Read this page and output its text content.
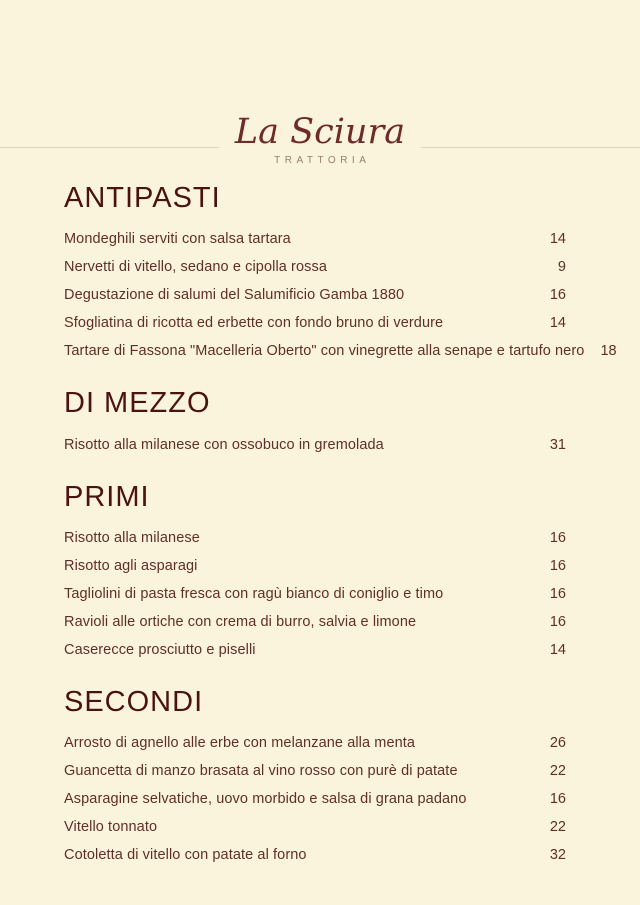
La Sciura
TRATTORIA
ANTIPASTI
Mondeghili serviti con salsa tartara	14
Nervetti di vitello, sedano e cipolla rossa	9
Degustazione di salumi del Salumificio Gamba 1880	16
Sfogliatina di ricotta ed erbette con fondo bruno di verdure	14
Tartare di Fassona "Macelleria Oberto" con vinegrette alla senape e tartufo nero	18
DI MEZZO
Risotto alla milanese con ossobuco in gremolada	31
PRIMI
Risotto alla milanese	16
Risotto agli asparagi	16
Tagliolini di pasta fresca con ragù bianco di coniglio e timo	16
Ravioli alle ortiche con crema di burro, salvia e limone	16
Caserecce prosciutto e piselli	14
SECONDI
Arrosto di agnello alle erbe con melanzane alla menta	26
Guancetta di manzo brasata al vino rosso con purè di patate	22
Asparagine selvatiche, uovo morbido e salsa di grana padano	16
Vitello tonnato	22
Cotoletta di vitello con patate al forno	32
